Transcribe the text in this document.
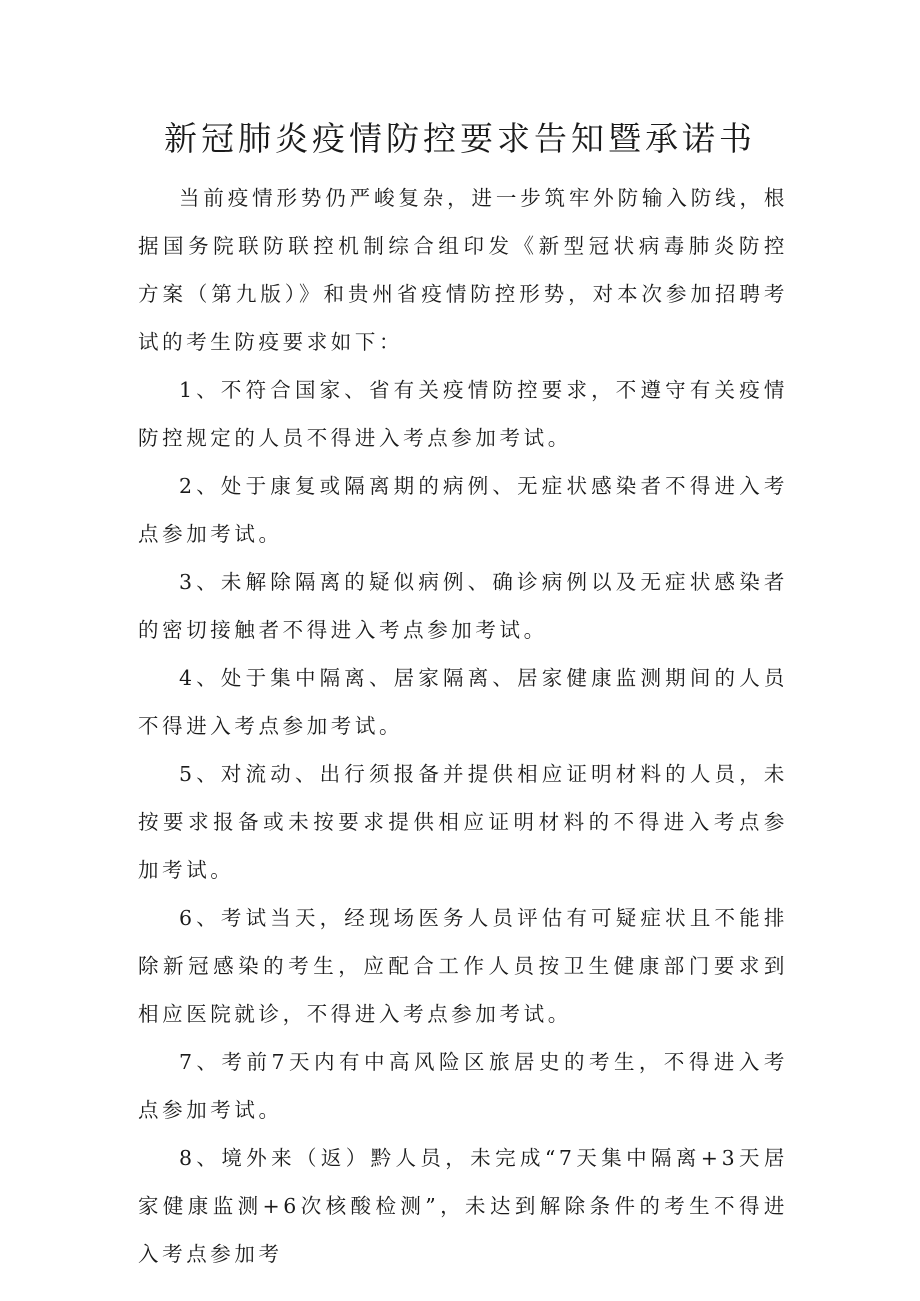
新冠肺炎疫情防控要求告知暨承诺书

当前疫情形势仍严峻复杂，进一步筑牢外防输入防线，根据国务院联防联控机制综合组印发《新型冠状病毒肺炎防控方案（第九版）》和贵州省疫情防控形势，对本次参加招聘考试的考生防疫要求如下：

1、不符合国家、省有关疫情防控要求，不遵守有关疫情防控规定的人员不得进入考点参加考试。

2、处于康复或隔离期的病例、无症状感染者不得进入考点参加考试。

3、未解除隔离的疑似病例、确诊病例以及无症状感染者的密切接触者不得进入考点参加考试。

4、处于集中隔离、居家隔离、居家健康监测期间的人员不得进入考点参加考试。

5、对流动、出行须报备并提供相应证明材料的人员，未按要求报备或未按要求提供相应证明材料的不得进入考点参加考试。

6、考试当天，经现场医务人员评估有可疑症状且不能排除新冠感染的考生，应配合工作人员按卫生健康部门要求到相应医院就诊，不得进入考点参加考试。

7、考前7天内有中高风险区旅居史的考生，不得进入考点参加考试。

8、境外来（返）黔人员，未完成“7天集中隔离+3天居家健康监测+6次核酸检测”，未达到解除条件的考生不得进入考点参加考
